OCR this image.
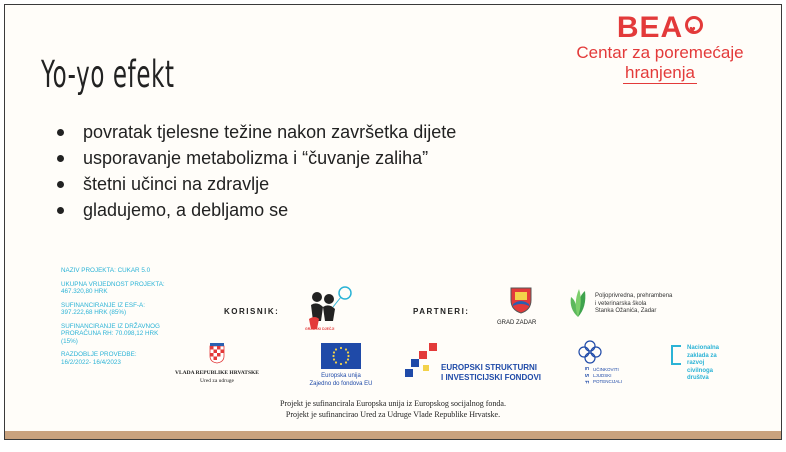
Yo-yo efekt
BEA♥
Centar za poremećaje
hranjenja
povratak tjelesne težine nakon završetka dijete
usporavanje metabolizma i “čuvanje zaliha”
štetni učinci na zdravlje
gladujemo, a debljamo se
NAZIV PROJEKTA: CUKAR 5.0
UKUPNA VRIJEDNOST PROJEKTA:
467.320,80 HRK
SUFINANCIRANJE IZ ESF-A:
397.222,68 HRK (85%)
SUFINANCIRANJE IZ DRŽAVNOG
PRORAČUNA RH: 70.098,12 HRK
(15%)
RAZDOBLJE PROVEDBE:
16/2/2022- 16/4/2023
KORISNIK:
GRADSKI DJEČJI
PARTNERI:
GRAD ZADAR
Poljoprivredna, prehrambena
i veterinarska škola
Stanka Ožanića, Zadar
VLADA REPUBLIKE HRVATSKE
Ured za udruge
Europska unija
Zajedno do fondova EU
EUROPSKI STRUKTURNI
I INVESTICIJSKI FONDOVI	E S F UČINKOVITI
LJUDSKI
POTENCIJALI
Nacionalna
zaklada za
razvoj
civilnoga
društva
Projekt je sufinancirala Europska unija iz Europskog socijalnog fonda.
Projekt je sufinancirao Ured za Udruge Vlade Republike Hrvatske.
